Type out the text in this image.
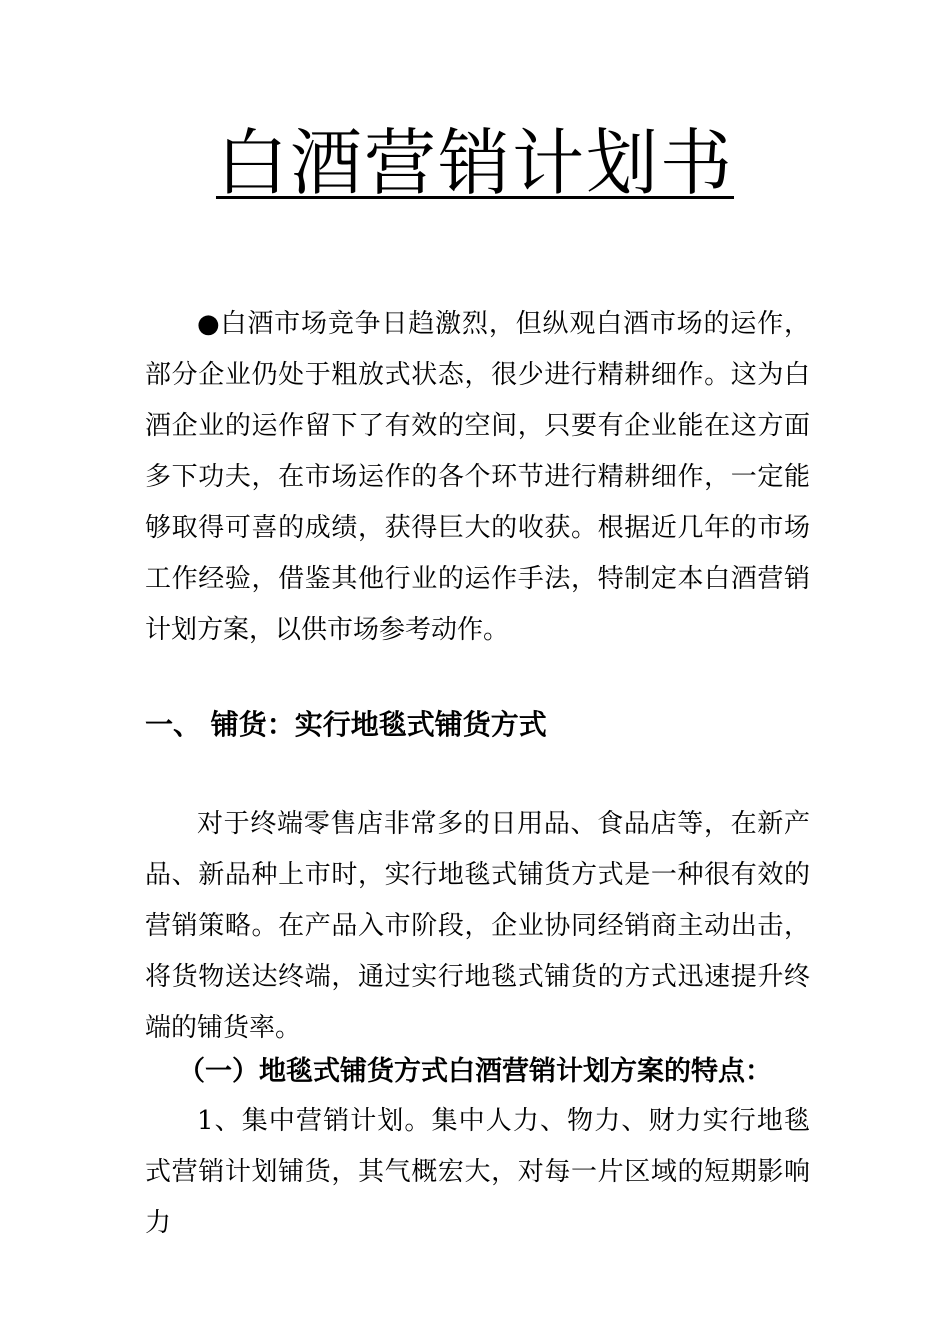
白酒营销计划书

●白酒市场竞争日趋激烈，但纵观白酒市场的运作，部分企业仍处于粗放式状态，很少进行精耕细作。这为白酒企业的运作留下了有效的空间，只要有企业能在这方面多下功夫，在市场运作的各个环节进行精耕细作，一定能够取得可喜的成绩，获得巨大的收获。根据近几年的市场工作经验，借鉴其他行业的运作手法，特制定本白酒营销计划方案，以供市场参考动作。

一、 铺货：实行地毯式铺货方式

对于终端零售店非常多的日用品、食品店等，在新产品、新品种上市时，实行地毯式铺货方式是一种很有效的营销策略。在产品入市阶段，企业协同经销商主动出击，将货物送达终端，通过实行地毯式铺货的方式迅速提升终端的铺货率。

（一）地毯式铺货方式白酒营销计划方案的特点：

1、集中营销计划。集中人力、物力、财力实行地毯式营销计划铺货，其气概宏大，对每一片区域的短期影响力
